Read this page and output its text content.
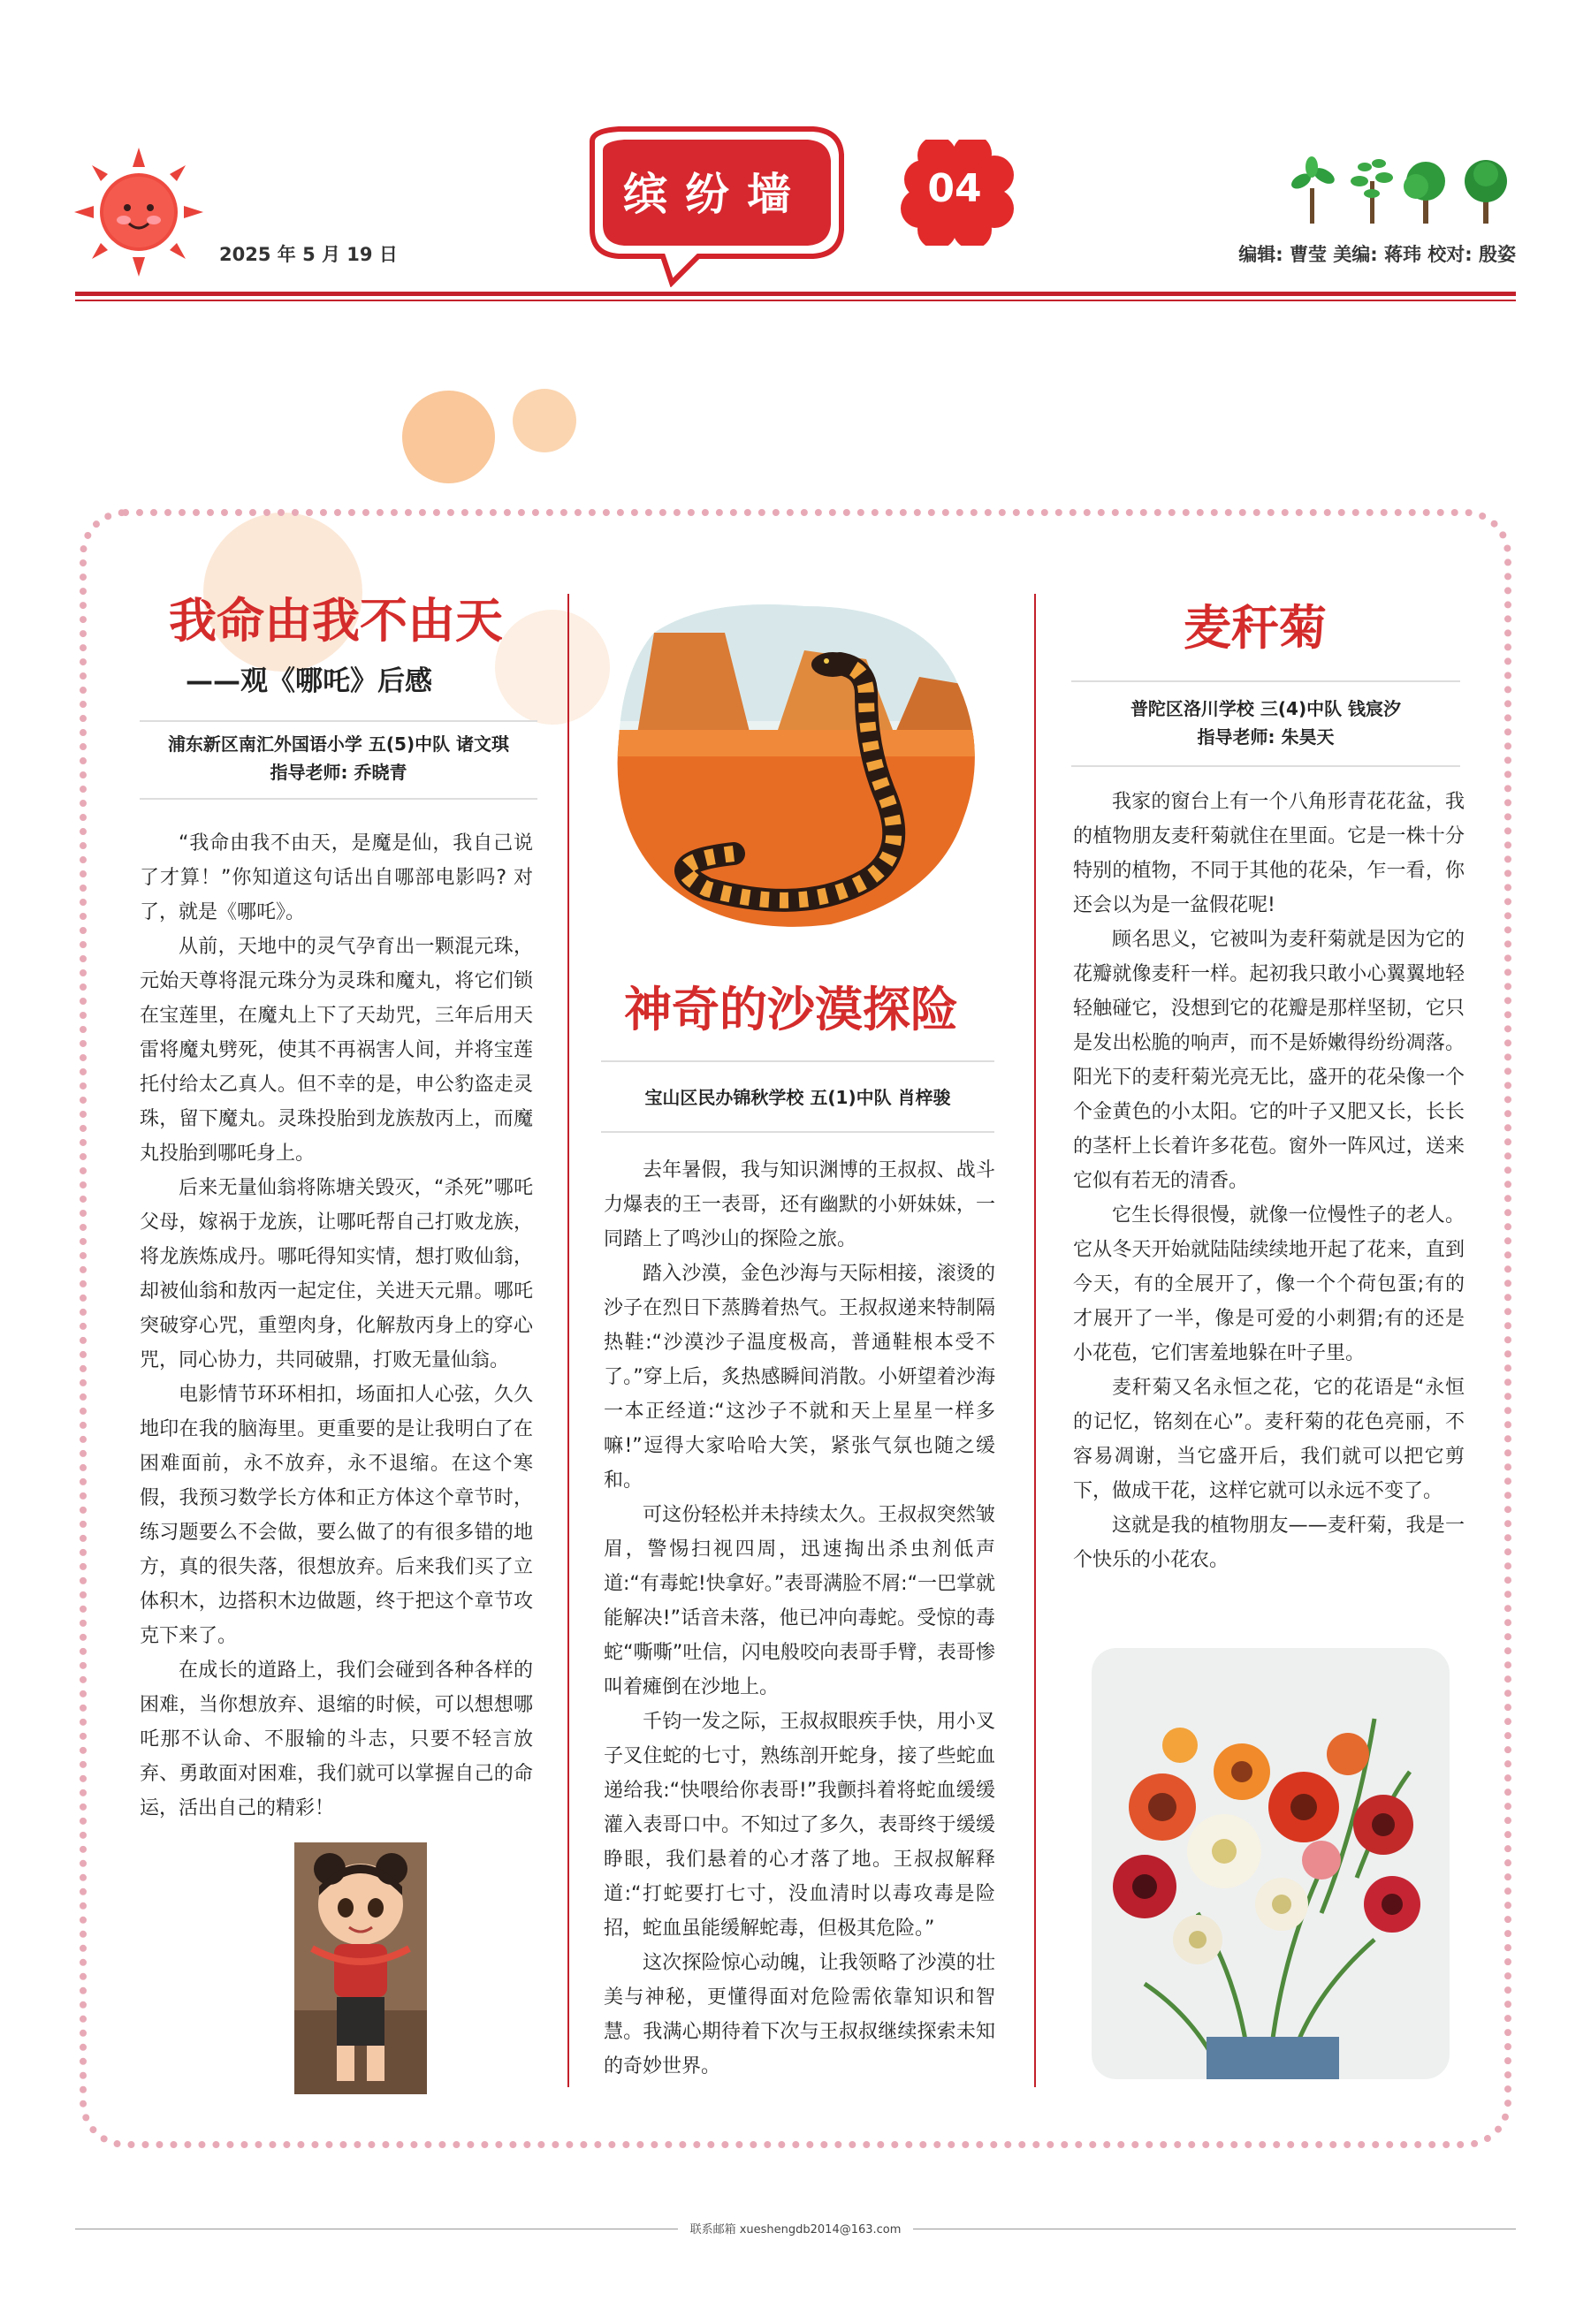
2025 年 5 月 19 日
缤纷墙	04
编辑: 曹莹 美编: 蒋玮 校对: 殷姿
我命由我不由天
——观《哪吒》后感
浦东新区南汇外国语小学 五(5)中队 诸文琪
指导老师: 乔晓青

“我命由我不由天，是魔是仙，我自己说了才算！”你知道这句话出自哪部电影吗? 对了，就是《哪吒》。

从前，天地中的灵气孕育出一颗混元珠，元始天尊将混元珠分为灵珠和魔丸，将它们锁在宝莲里，在魔丸上下了天劫咒，三年后用天雷将魔丸劈死，使其不再祸害人间，并将宝莲托付给太乙真人。但不幸的是，申公豹盗走灵珠，留下魔丸。灵珠投胎到龙族敖丙上，而魔丸投胎到哪吒身上。

后来无量仙翁将陈塘关毁灭，“杀死”哪吒父母，嫁祸于龙族，让哪吒帮自己打败龙族，将龙族炼成丹。哪吒得知实情，想打败仙翁，却被仙翁和敖丙一起定住，关进天元鼎。哪吒突破穿心咒，重塑肉身，化解敖丙身上的穿心咒，同心协力，共同破鼎，打败无量仙翁。

电影情节环环相扣，场面扣人心弦，久久地印在我的脑海里。更重要的是让我明白了在困难面前，永不放弃，永不退缩。在这个寒假，我预习数学长方体和正方体这个章节时，练习题要么不会做，要么做了的有很多错的地方，真的很失落，很想放弃。后来我们买了立体积木，边搭积木边做题，终于把这个章节攻克下来了。

在成长的道路上，我们会碰到各种各样的困难，当你想放弃、退缩的时候，可以想想哪吒那不认命、不服输的斗志，只要不轻言放弃、勇敢面对困难，我们就可以掌握自己的命运，活出自己的精彩！

神奇的沙漠探险
宝山区民办锦秋学校 五(1)中队 肖梓骏

去年暑假，我与知识渊博的王叔叔、战斗力爆表的王一表哥，还有幽默的小妍妹妹，一同踏上了鸣沙山的探险之旅。

踏入沙漠，金色沙海与天际相接，滚烫的沙子在烈日下蒸腾着热气。王叔叔递来特制隔热鞋:“沙漠沙子温度极高，普通鞋根本受不了。”穿上后，炙热感瞬间消散。小妍望着沙海一本正经道:“这沙子不就和天上星星一样多嘛!”逗得大家哈哈大笑，紧张气氛也随之缓和。

可这份轻松并未持续太久。王叔叔突然皱眉，警惕扫视四周，迅速掏出杀虫剂低声道:“有毒蛇!快拿好。”表哥满脸不屑:“一巴掌就能解决!”话音未落，他已冲向毒蛇。受惊的毒蛇“嘶嘶”吐信，闪电般咬向表哥手臂，表哥惨叫着瘫倒在沙地上。

千钧一发之际，王叔叔眼疾手快，用小叉子叉住蛇的七寸，熟练剖开蛇身，接了些蛇血递给我:“快喂给你表哥!”我颤抖着将蛇血缓缓灌入表哥口中。不知过了多久，表哥终于缓缓睁眼，我们悬着的心才落了地。王叔叔解释道:“打蛇要打七寸，没血清时以毒攻毒是险招，蛇血虽能缓解蛇毒，但极其危险。”

这次探险惊心动魄，让我领略了沙漠的壮美与神秘，更懂得面对危险需依靠知识和智慧。我满心期待着下次与王叔叔继续探索未知的奇妙世界。

麦秆菊
普陀区洛川学校 三(4)中队 钱宸汐
指导老师: 朱昊天

我家的窗台上有一个八角形青花花盆，我的植物朋友麦秆菊就住在里面。它是一株十分特别的植物，不同于其他的花朵，乍一看，你还会以为是一盆假花呢!

顾名思义，它被叫为麦秆菊就是因为它的花瓣就像麦秆一样。起初我只敢小心翼翼地轻轻触碰它，没想到它的花瓣是那样坚韧，它只是发出松脆的响声，而不是娇嫩得纷纷凋落。阳光下的麦秆菊光亮无比，盛开的花朵像一个个金黄色的小太阳。它的叶子又肥又长，长长的茎杆上长着许多花苞。窗外一阵风过，送来它似有若无的清香。

它生长得很慢，就像一位慢性子的老人。它从冬天开始就陆陆续续地开起了花来，直到今天，有的全展开了，像一个个荷包蛋;有的才展开了一半，像是可爱的小刺猬;有的还是小花苞，它们害羞地躲在叶子里。

麦秆菊又名永恒之花，它的花语是“永恒的记忆，铭刻在心”。麦秆菊的花色亮丽，不容易凋谢，当它盛开后，我们就可以把它剪下，做成干花，这样它就可以永远不变了。

这就是我的植物朋友——麦秆菊，我是一个快乐的小花农。

联系邮箱 xueshengdb2014@163.com
